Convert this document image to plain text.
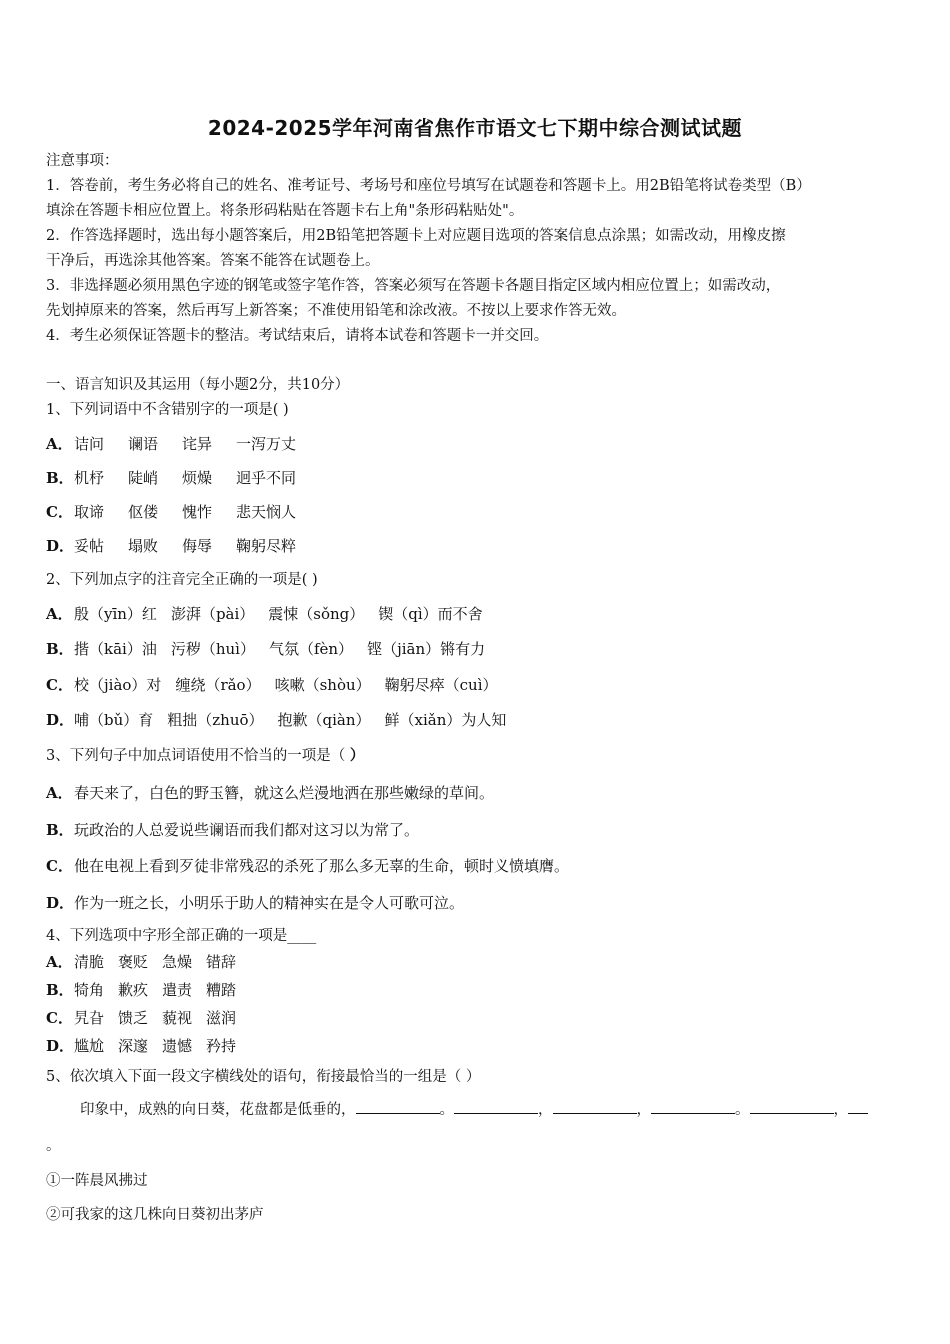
2024-2025学年河南省焦作市语文七下期中综合测试试题
注意事项：
1．答卷前，考生务必将自己的姓名、准考证号、考场号和座位号填写在试题卷和答题卡上。用2B铅笔将试卷类型（B）
填涂在答题卡相应位置上。将条形码粘贴在答题卡右上角"条形码粘贴处"。
2．作答选择题时，选出每小题答案后，用2B铅笔把答题卡上对应题目选项的答案信息点涂黑；如需改动，用橡皮擦
干净后，再选涂其他答案。答案不能答在试题卷上。
3．非选择题必须用黑色字迹的钢笔或签字笔作答，答案必须写在答题卡各题目指定区域内相应位置上；如需改动，
先划掉原来的答案，然后再写上新答案；不准使用铅笔和涂改液。不按以上要求作答无效。
4．考生必须保证答题卡的整洁。考试结束后，请将本试卷和答题卡一并交回。
一、语言知识及其运用（每小题2分，共10分）
1、下列词语中不含错别字的一项是( )
A．诘问 谰语 诧异 一泻万丈
B．机杼 陡峭 烦燥 迥乎不同
C．取谛 伛偻 愧怍 悲天悯人
D．妥帖 塌败 侮辱 鞠躬尽粹
2、下列加点字的注音完全正确的一项是( )
A．殷（yīn）红 澎湃（pài） 震悚（sǒng） 锲（qì）而不舍
B．揩（kāi）油 污秽（huì） 气氛（fèn） 铿（jiān）锵有力
C．校（jiào）对 缠绕（rǎo） 咳嗽（shòu） 鞠躬尽瘁（cuì）
D．哺（bǔ）育 粗拙（zhuō） 抱歉（qiàn） 鲜（xiǎn）为人知
3、下列句子中加点词语使用不恰当的一项是（ ）
A．春天来了，白色的野玉簪，就这么烂漫地洒在那些嫩绿的草间。
B．玩政治的人总爱说些谰语而我们都对这习以为常了。
C．他在电视上看到歹徒非常残忍的杀死了那么多无辜的生命，顿时义愤填膺。
D．作为一班之长，小明乐于助人的精神实在是令人可歌可泣。
4、下列选项中字形全部正确的一项是____
A．清脆 褒贬 急燥 错辞
B．犄角 歉疚 遣责 糟踏
C．旯旮 馈乏 藐视 滋润
D．尴尬 深邃 遗憾 矜持
5、依次填入下面一段文字横线处的语句，衔接最恰当的一组是（ ）
印象中，成熟的向日葵，花盘都是低垂的，	。	，	，	。	，
。
①一阵晨风拂过
②可我家的这几株向日葵初出茅庐
